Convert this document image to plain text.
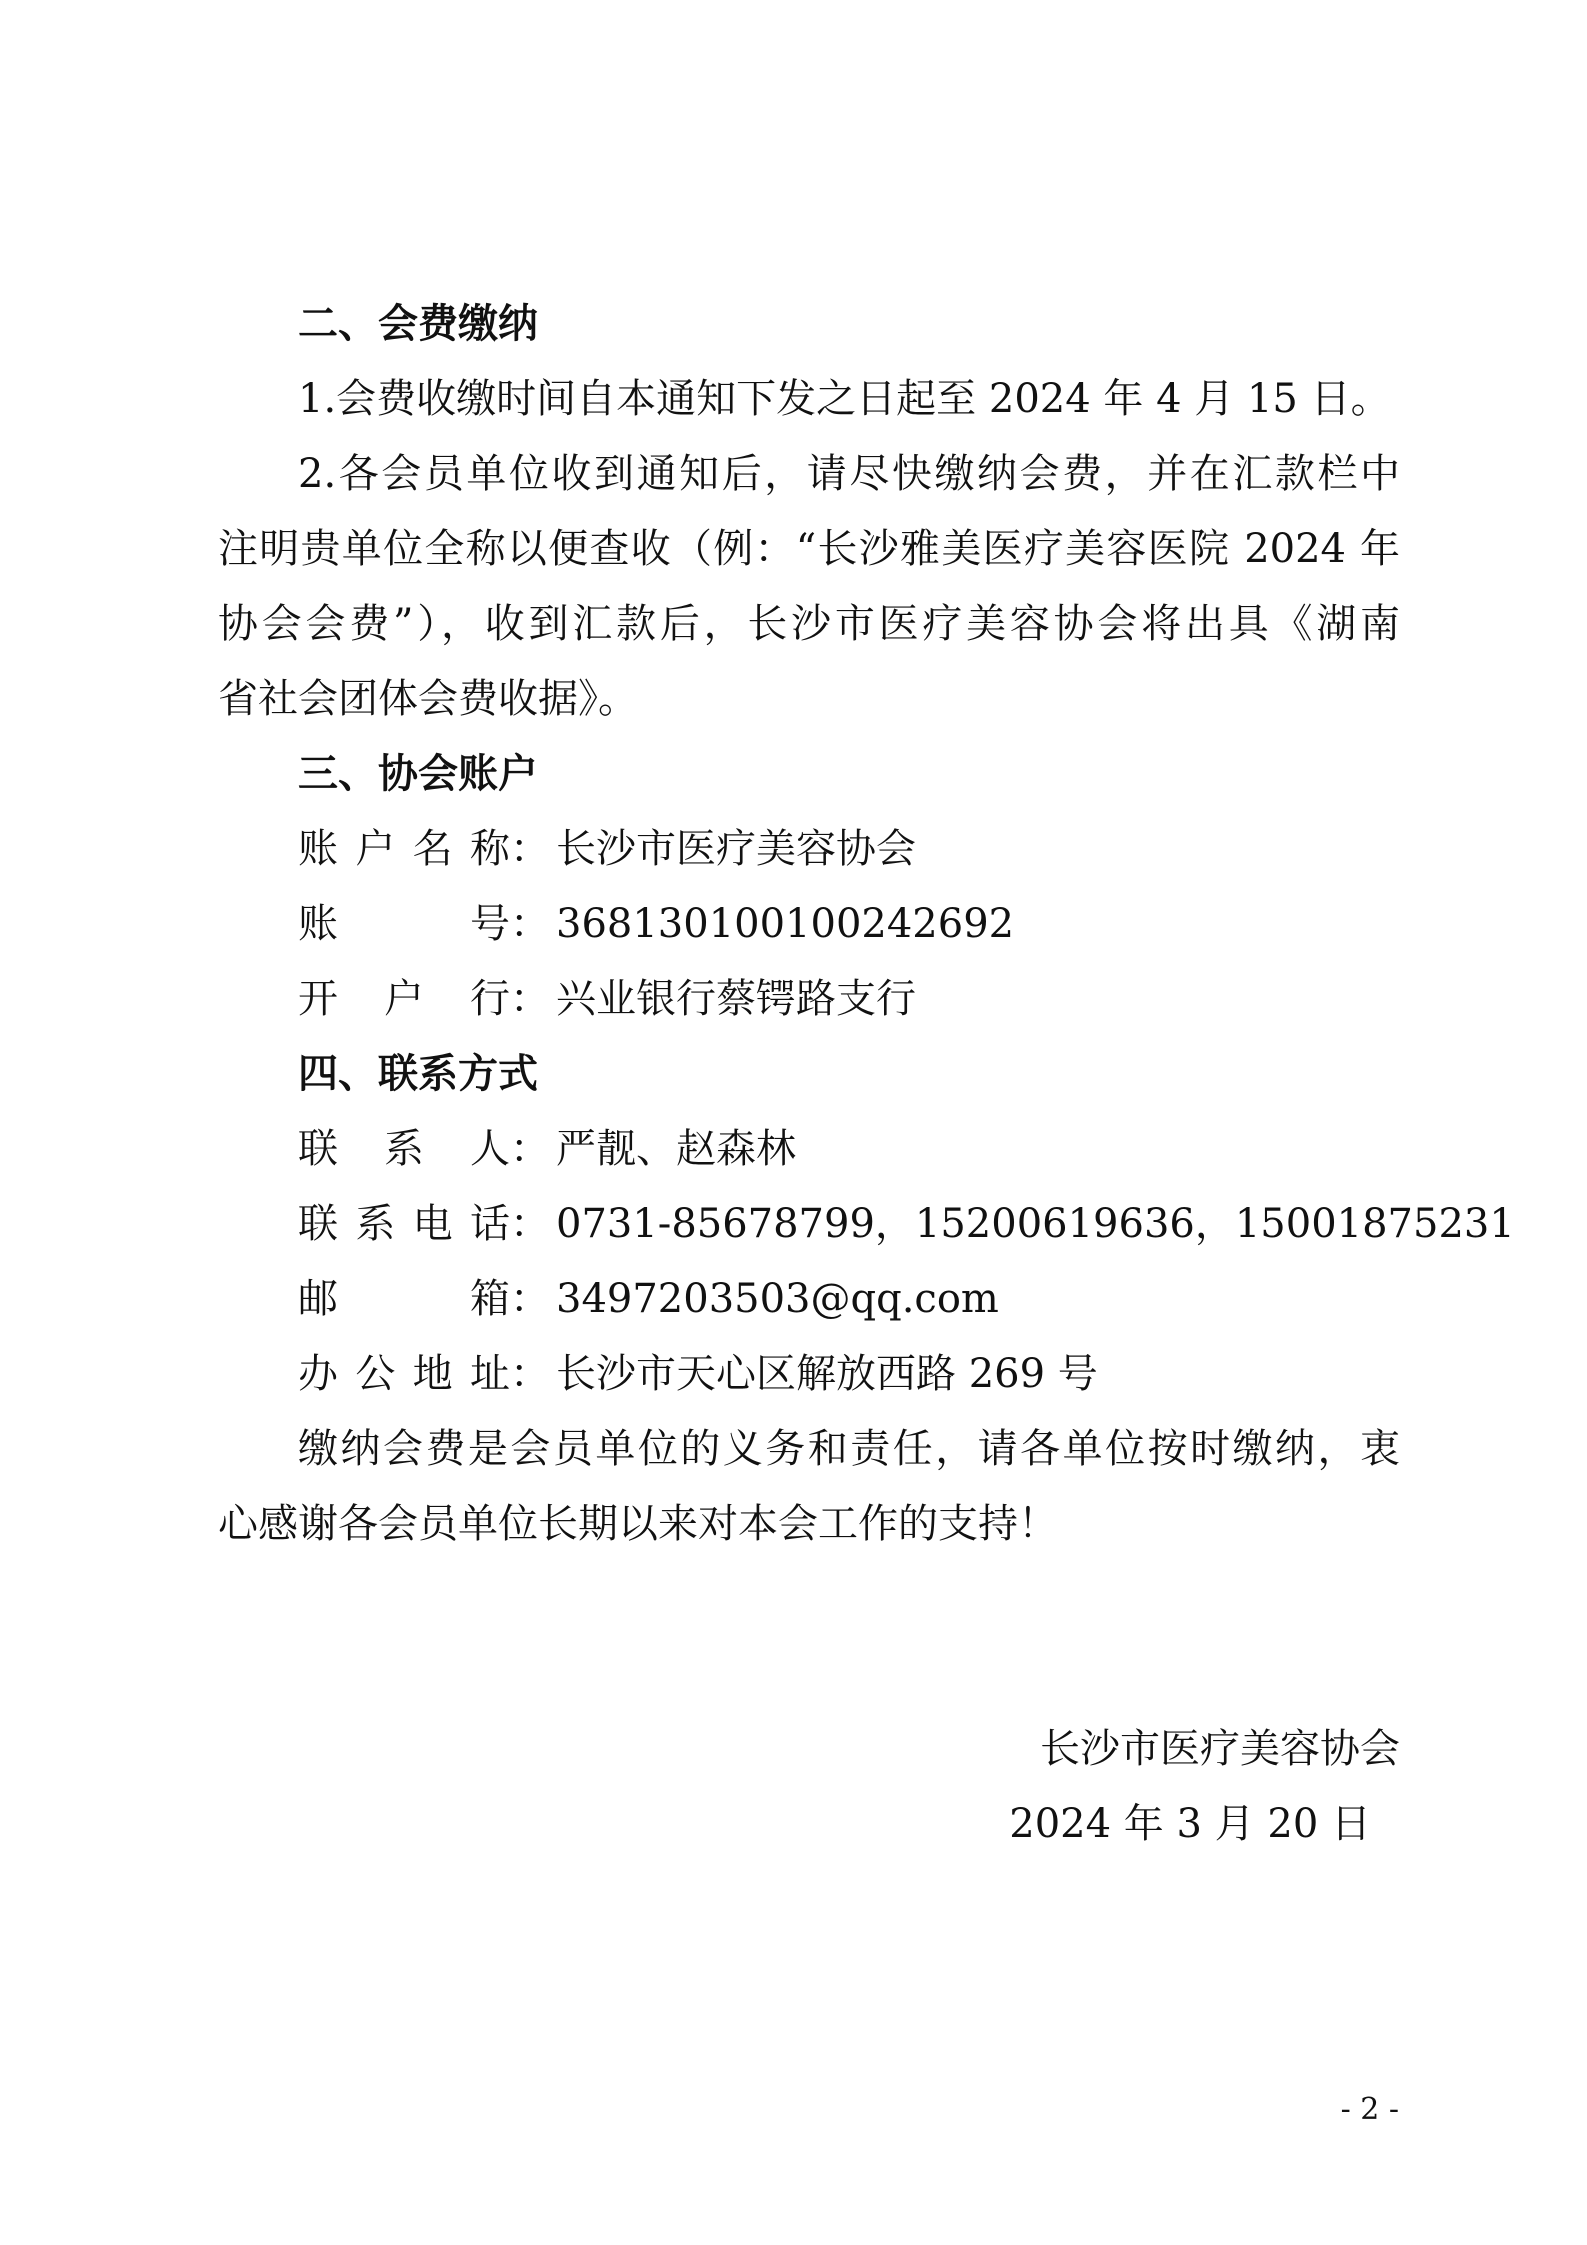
二、会费缴纳
1.会费收缴时间自本通知下发之日起至 2024 年 4 月 15 日。
2.各会员单位收到通知后，请尽快缴纳会费，并在汇款栏中
注明贵单位全称以便查收（例：“长沙雅美医疗美容医院 2024 年
协会会费”），收到汇款后，长沙市医疗美容协会将出具《湖南
省社会团体会费收据》。
三、协会账户
账户名称： 长沙市医疗美容协会
账号： 368130100100242692
开户行： 兴业银行蔡锷路支行
四、联系方式
联系人： 严靓、赵森林
联系电话： 0731-85678799，15200619636，15001875231
邮箱： 3497203503@qq.com
办公地址： 长沙市天心区解放西路 269 号
缴纳会费是会员单位的义务和责任，请各单位按时缴纳，衷
心感谢各会员单位长期以来对本会工作的支持！
长沙市医疗美容协会
2024 年 3 月 20 日
- 2 -
